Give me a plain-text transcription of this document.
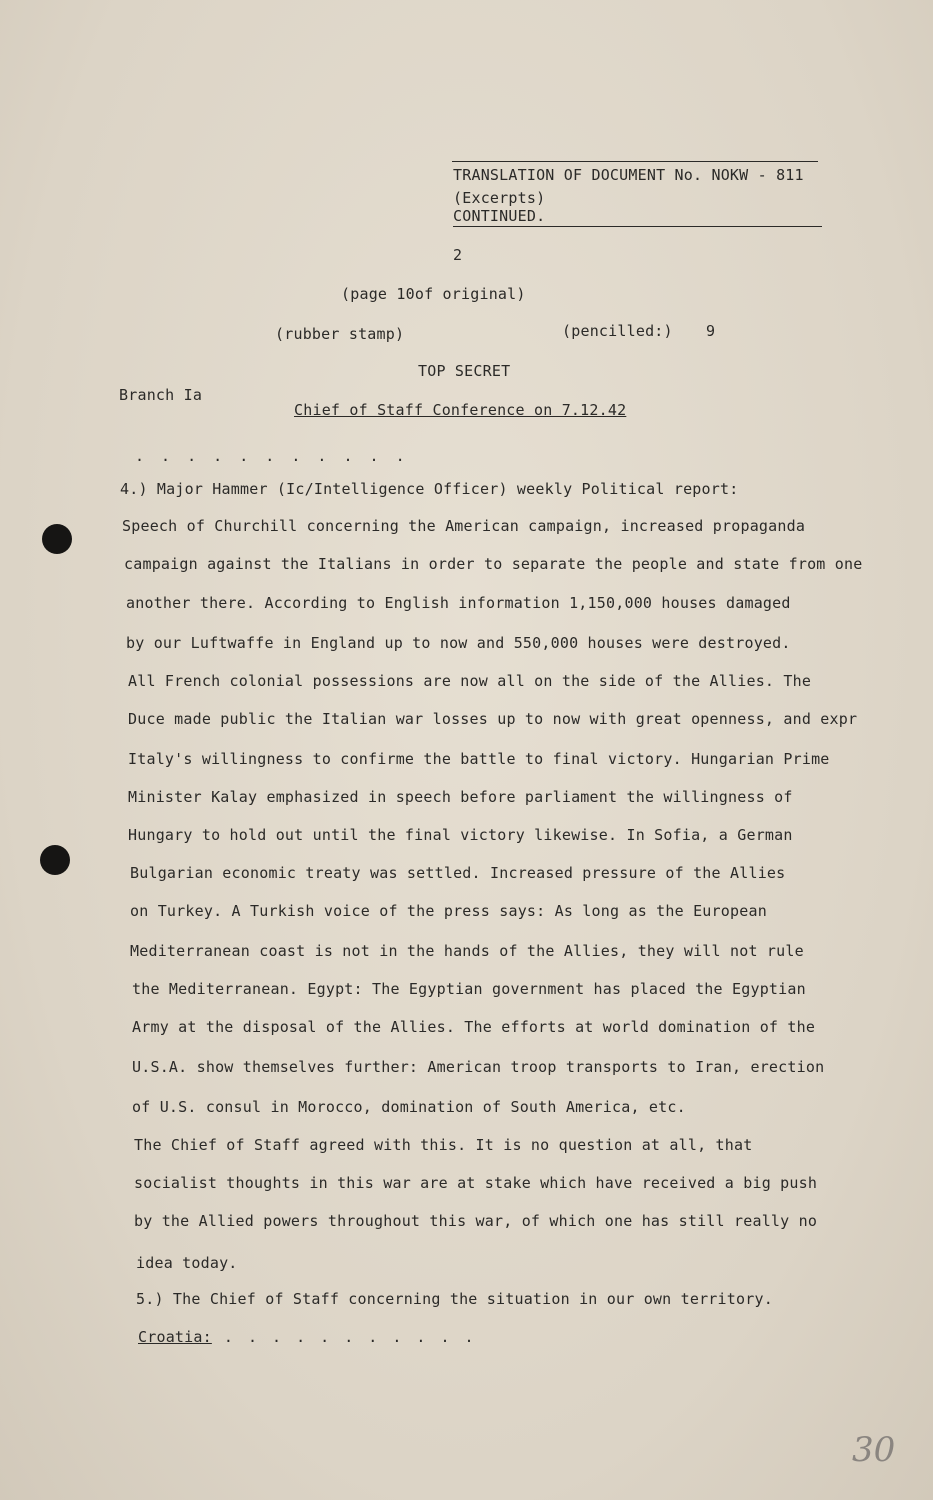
TRANSLATION OF DOCUMENT No. NOKW - 811
(Excerpts)
CONTINUED.
2
(page 10of original)
(rubber stamp)	(pencilled:) 9
TOP SECRET
Branch Ia
Chief of Staff Conference on 7.12.42
. . . . . . . . . . .
4.) Major Hammer (Ic/Intelligence Officer) weekly Political report:
Speech of Churchill concerning the American campaign, increased propaganda
campaign against the Italians in order to separate the people and state from one
another there. According to English information 1,150,000 houses damaged
by our Luftwaffe in England up to now and 550,000 houses were destroyed.
All French colonial possessions are now all on the side of the Allies. The
Duce made public the Italian war losses up to now with great openness, and expr
Italy's willingness to confirme the battle to final victory. Hungarian Prime
Minister Kalay emphasized in speech before parliament the willingness of
Hungary to hold out until the final victory likewise. In Sofia, a German
Bulgarian economic treaty was settled. Increased pressure of the Allies
on Turkey. A Turkish voice of the press says: As long as the European
Mediterranean coast is not in the hands of the Allies, they will not rule
the Mediterranean. Egypt: The Egyptian government has placed the Egyptian
Army at the disposal of the Allies. The efforts at world domination of the
U.S.A. show themselves further: American troop transports to Iran, erection
of U.S. consul in Morocco, domination of South America, etc.
The Chief of Staff agreed with this. It is no question at all, that
socialist thoughts in this war are at stake which have received a big push
by the Allied powers throughout this war, of which one has still really no
idea today.
5.) The Chief of Staff concerning the situation in our own territory.
Croatia: . . . . . . . . . . .
30
